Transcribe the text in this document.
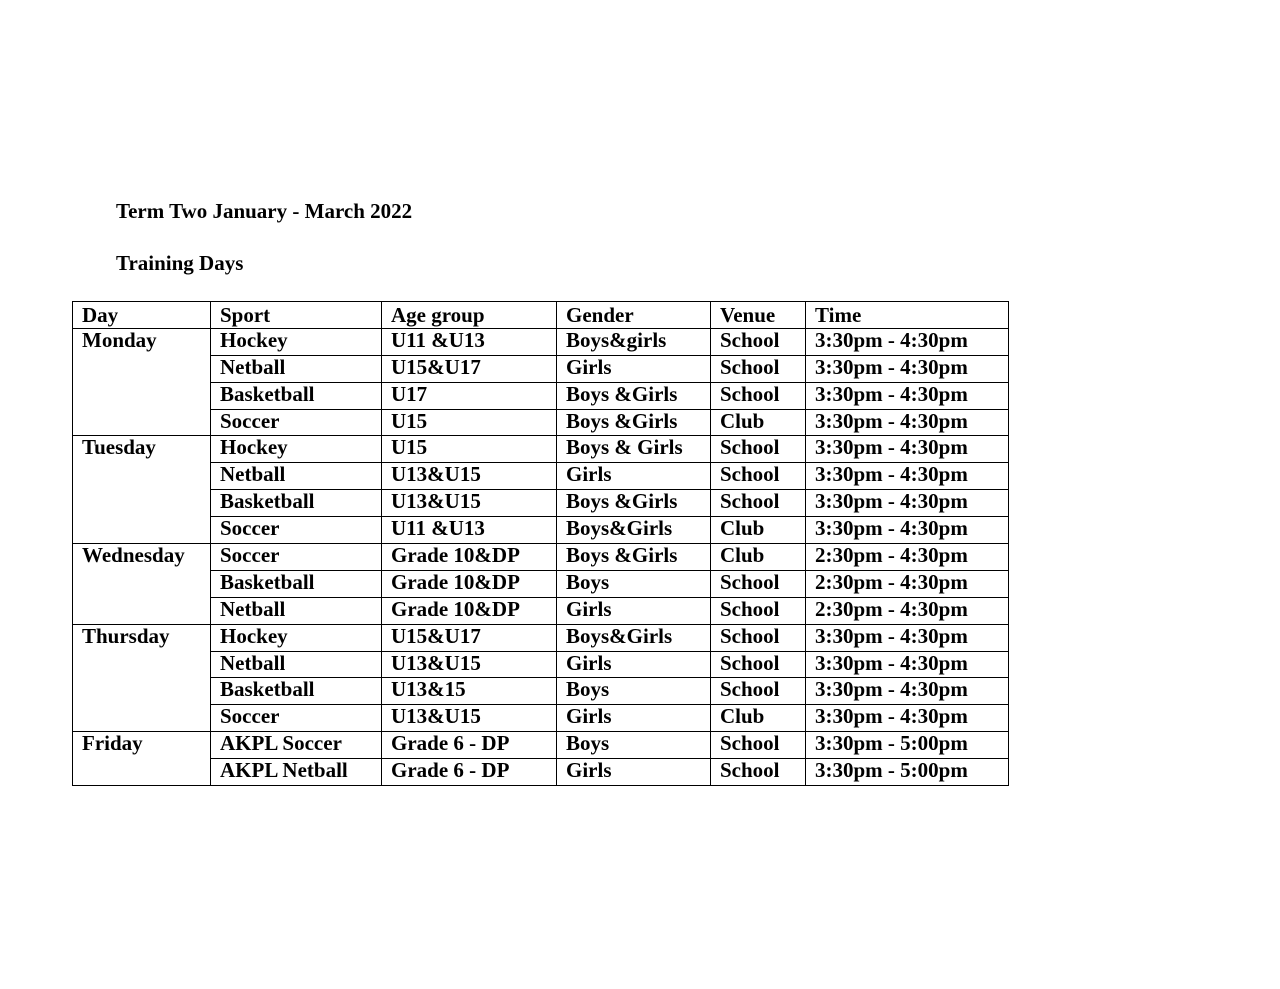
Term Two January - March 2022

Training Days

Day	Sport	Age group	Gender	Venue	Time
Monday	Hockey	U11 &U13	Boys&girls	School	3:30pm - 4:30pm
	Netball	U15&U17	Girls	School	3:30pm - 4:30pm
	Basketball	U17	Boys &Girls	School	3:30pm - 4:30pm
	Soccer	U15	Boys &Girls	Club	3:30pm - 4:30pm
Tuesday	Hockey	U15	Boys & Girls	School	3:30pm - 4:30pm
	Netball	U13&U15	Girls	School	3:30pm - 4:30pm
	Basketball	U13&U15	Boys &Girls	School	3:30pm - 4:30pm
	Soccer	U11 &U13	Boys&Girls	Club	3:30pm - 4:30pm
Wednesday	Soccer	Grade 10&DP	Boys &Girls	Club	2:30pm - 4:30pm
	Basketball	Grade 10&DP	Boys	School	2:30pm - 4:30pm
	Netball	Grade 10&DP	Girls	School	2:30pm - 4:30pm
Thursday	Hockey	U15&U17	Boys&Girls	School	3:30pm - 4:30pm
	Netball	U13&U15	Girls	School	3:30pm - 4:30pm
	Basketball	U13&15	Boys	School	3:30pm - 4:30pm
	Soccer	U13&U15	Girls	Club	3:30pm - 4:30pm
Friday	AKPL Soccer	Grade 6 - DP	Boys	School	3:30pm - 5:00pm
	AKPL Netball	Grade 6 - DP	Girls	School	3:30pm - 5:00pm
